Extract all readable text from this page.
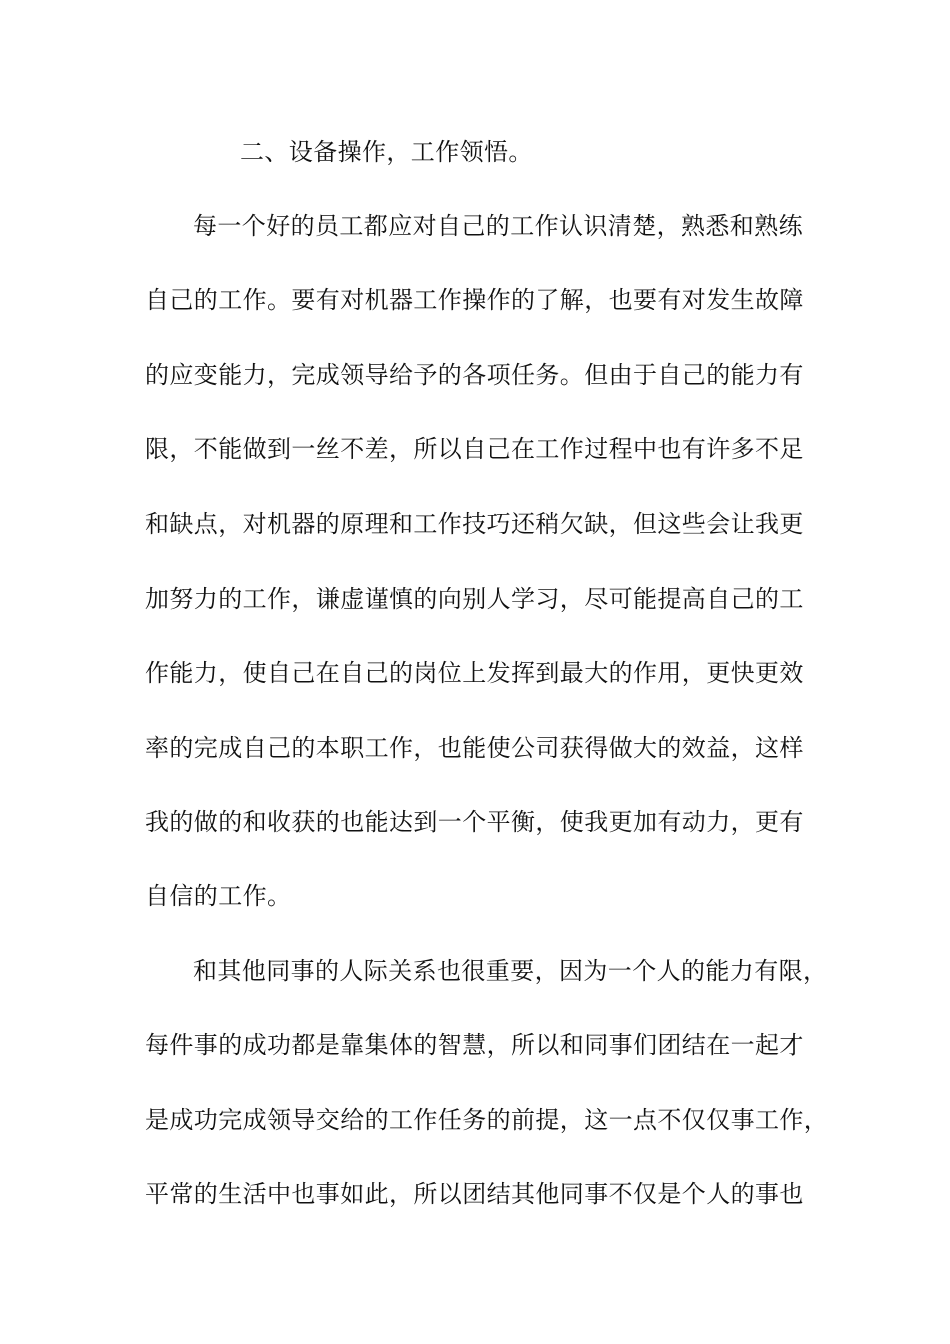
二、设备操作，工作领悟。
每一个好的员工都应对自己的工作认识清楚，熟悉和熟练
自己的工作。要有对机器工作操作的了解，也要有对发生故障
的应变能力，完成领导给予的各项任务。但由于自己的能力有
限，不能做到一丝不差，所以自己在工作过程中也有许多不足
和缺点，对机器的原理和工作技巧还稍欠缺，但这些会让我更
加努力的工作，谦虚谨慎的向别人学习，尽可能提高自己的工
作能力，使自己在自己的岗位上发挥到最大的作用，更快更效
率的完成自己的本职工作，也能使公司获得做大的效益，这样
我的做的和收获的也能达到一个平衡，使我更加有动力，更有
自信的工作。
和其他同事的人际关系也很重要，因为一个人的能力有限，
每件事的成功都是靠集体的智慧，所以和同事们团结在一起才
是成功完成领导交给的工作任务的前提，这一点不仅仅事工作，
平常的生活中也事如此，所以团结其他同事不仅是个人的事也
